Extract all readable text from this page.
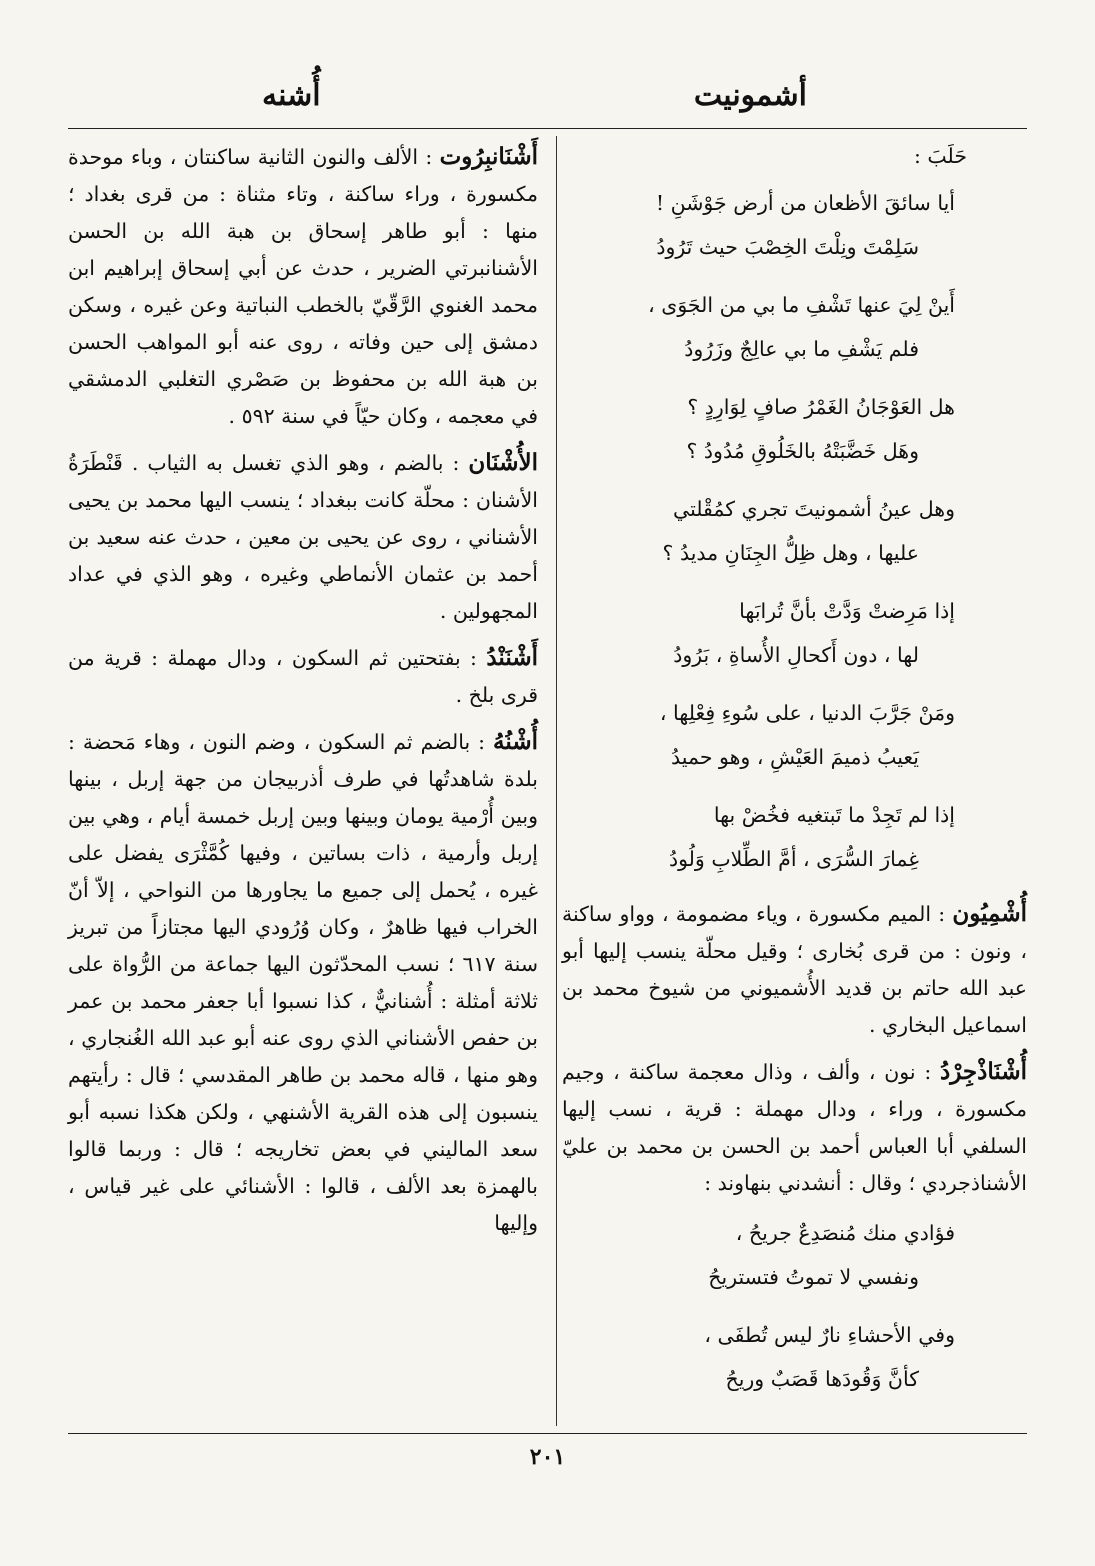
أشمونيت
أُشنه
حَلَبَ :
أيا سائقَ الأظعان من أرض جَوْشَنِ !
سَلِمْتَ ونِلْتَ الخِصْبَ حيث تَرُودُ
أَينْ لِيَ عنها تَشْفِ ما بي من الجَوَى ،
فلم يَشْفِ ما بي عالِجٌ وزَرُودُ
هل العَوْجَانُ الغَمْرُ صافٍ لِوَارِدٍ ؟
وهَل خَضَّبَتْهُ بالخَلُوقِ مُدُودُ ؟
وهل عينُ أشمونيتَ تجري كمُقْلتي
عليها ، وهل ظِلُّ الجِنَانِ مديدُ ؟
إذا مَرِضتْ وَدَّتْ بأنَّ تُرابَها
لها ، دون أَكحالِ الأُساةِ ، بَرُودُ
ومَنْ جَرَّبَ الدنيا ، على سُوءِ فِعْلِها ،
يَعيبُ ذميمَ العَيْشِ ، وهو حميدُ
إذا لم تَجِدْ ما تَبتغيه فخُضْ بها
غِمارَ السُّرَى ، أمَّ الطِّلابِ وَلُودُ

أُشْمِيُون : الميم مكسورة ، وياء مضمومة ، وواو ساكنة ، ونون : من قرى بُخارى ؛ وقيل محلّة ينسب إليها أبو عبد الله حاتم بن قديد الأُشميوني من شيوخ محمد بن اسماعيل البخاري .

أُشْنَاذْجِرْدُ : نون ، وألف ، وذال معجمة ساكنة ، وجيم مكسورة ، وراء ، ودال مهملة : قرية ، نسب إليها السلفي أبا العباس أحمد بن الحسن بن محمد بن عليّ الأشناذجردي ؛ وقال : أنشدني بنهاوند :

فؤادي منك مُنصَدِعٌ جريحُ ،
ونفسي لا تموتُ فتستريحُ
وفي الأحشاءِ نارٌ ليس تُطفَى ،
كأنَّ وَقُودَها قَصَبٌ وريحُ

أَشْنَانبِرُوت : الألف والنون الثانية ساكنتان ، وباء موحدة مكسورة ، وراء ساكنة ، وتاء مثناة : من قرى بغداد ؛ منها : أبو طاهر إسحاق بن هبة الله بن الحسن الأشنانبرتي الضرير ، حدث عن أبي إسحاق إبراهيم ابن محمد الغنوي الرَّقّيّ بالخطب النباتية وعن غيره ، وسكن دمشق إلى حين وفاته ، روى عنه أبو المواهب الحسن بن هبة الله بن محفوظ بن صَصْري التغلبي الدمشقي في معجمه ، وكان حيّاً في سنة ٥٩٢ .

الأُشْنَان : بالضم ، وهو الذي تغسل به الثياب . قَنْطَرَةُ الأشنان : محلّة كانت ببغداد ؛ ينسب اليها محمد بن يحيى الأشناني ، روى عن يحيى بن معين ، حدث عنه سعيد بن أحمد بن عثمان الأنماطي وغيره ، وهو الذي في عداد المجهولين .

أَشْنَنْدُ : بفتحتين ثم السكون ، ودال مهملة : قرية من قرى بلخ .

أُشْنُهُ : بالضم ثم السكون ، وضم النون ، وهاء مَحضة : بلدة شاهدتُها في طرف أذربيجان من جهة إربل ، بينها وبين أُرْمية يومان وبينها وبين إربل خمسة أيام ، وهي بين إربل وأرمية ، ذات بساتين ، وفيها كُمَّثْرَى يفضل على غيره ، يُحمل إلى جميع ما يجاورها من النواحي ، إلاّ أنّ الخراب فيها ظاهرٌ ، وكان وُرُودي اليها مجتازاً من تبريز سنة ٦١٧ ؛ نسب المحدّثون اليها جماعة من الرُّواة على ثلاثة أمثلة : أُشنانيٌّ ، كذا نسبوا أبا جعفر محمد بن عمر بن حفص الأشناني الذي روى عنه أبو عبد الله الغُنجاري ، وهو منها ، قاله محمد بن طاهر المقدسي ؛ قال : رأيتهم ينسبون إلى هذه القرية الأشنهي ، ولكن هكذا نسبه أبو سعد الماليني في بعض تخاريجه ؛ قال : وربما قالوا بالهمزة بعد الألف ، قالوا : الأشنائي على غير قياس ، وإليها

٢٠١
